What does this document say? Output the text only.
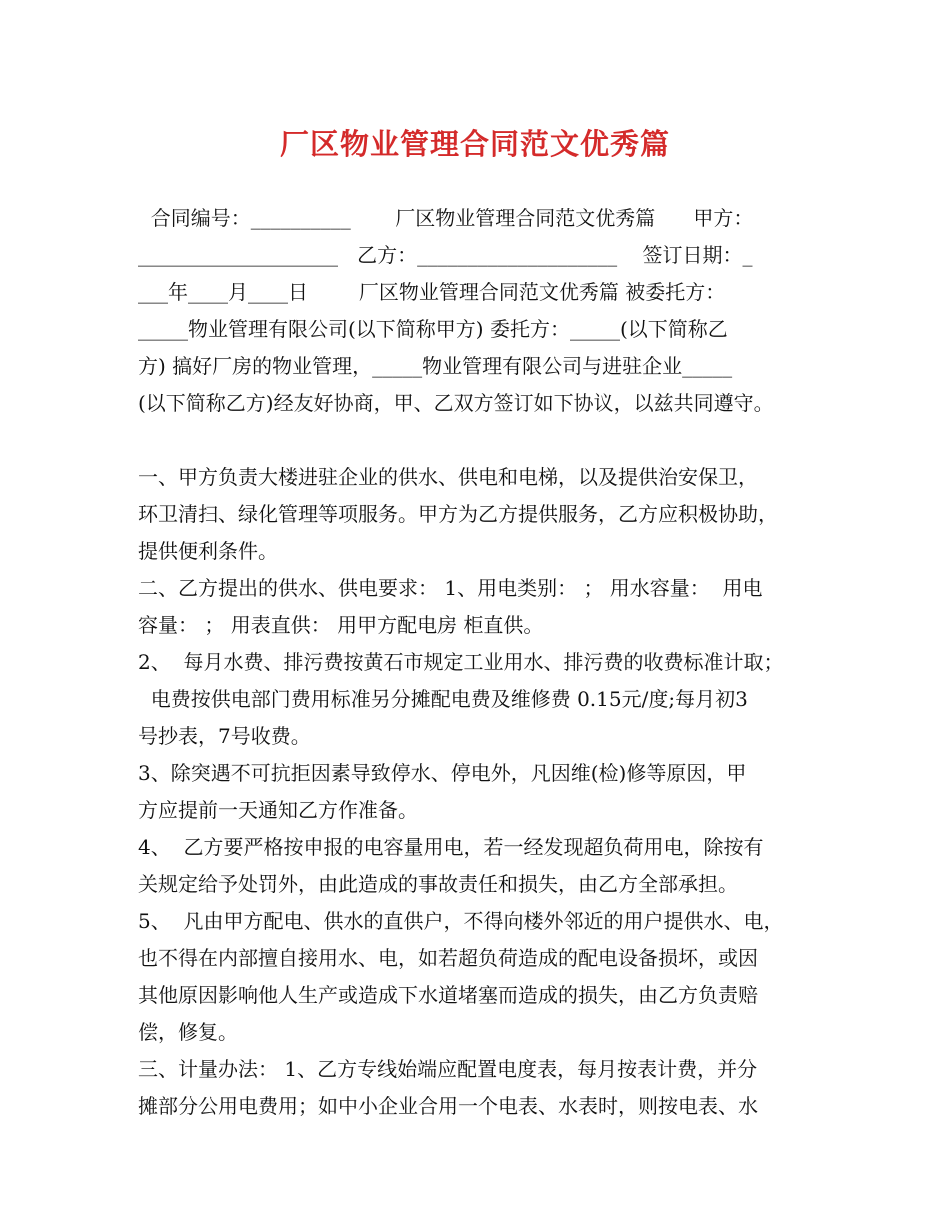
厂区物业管理合同范文优秀篇
合同编号：__________       厂区物业管理合同范文优秀篇      甲方：
____________________   乙方：____________________    签订日期：_
___年____月____日        厂区物业管理合同范文优秀篇 被委托方：
_____物业管理有限公司(以下简称甲方) 委托方：_____(以下简称乙
方) 搞好厂房的物业管理，_____物业管理有限公司与进驻企业_____
(以下简称乙方)经友好协商，甲、乙双方签订如下协议，以兹共同遵守。
一、甲方负责大楼进驻企业的供水、供电和电梯，以及提供治安保卫，
环卫清扫、绿化管理等项服务。甲方为乙方提供服务，乙方应积极协助，
提供便利条件。
二、乙方提出的供水、供电要求： 1、用电类别： ； 用水容量：  用电
容量： ； 用表直供： 用甲方配电房 柜直供。
2、  每月水费、排污费按黄石市规定工业用水、排污费的收费标准计取；
电费按供电部门费用标准另分摊配电费及维修费 0.15元/度;每月初3
号抄表，7号收费。
3、除突遇不可抗拒因素导致停水、停电外，凡因维(检)修等原因，甲
方应提前一天通知乙方作准备。
4、  乙方要严格按申报的电容量用电，若一经发现超负荷用电，除按有
关规定给予处罚外，由此造成的事故责任和损失，由乙方全部承担。
5、  凡由甲方配电、供水的直供户，不得向楼外邻近的用户提供水、电，
也不得在内部擅自接用水、电，如若超负荷造成的配电设备损坏，或因
其他原因影响他人生产或造成下水道堵塞而造成的损失，由乙方负责赔
偿，修复。
三、计量办法： 1、乙方专线始端应配置电度表，每月按表计费，并分
摊部分公用电费用；如中小企业合用一个电表、水表时，则按电表、水
